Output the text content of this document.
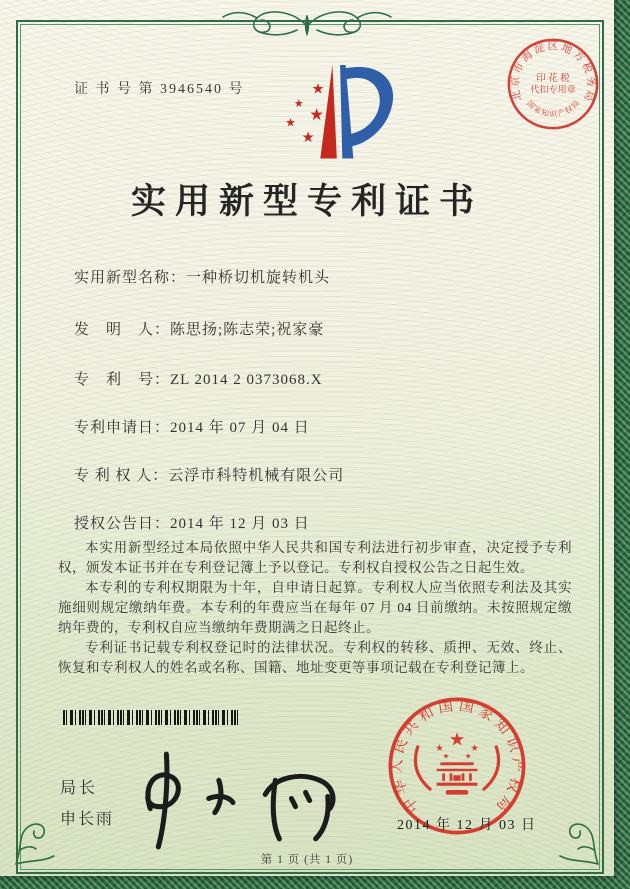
证 书 号 第 3946540 号	★
★
★
★
★
北京市海淀区地方税务局
国家知识产权局
印 花 税
代扣专用章
实用新型专利证书
实用新型名称：一种桥切机旋转机头
发　明　人：陈思扬;陈志荣;祝家豪
专　利　号：ZL 2014 2 0373068.X
专利申请日：2014 年 07 月 04 日
专 利 权 人：云浮市科特机械有限公司
授权公告日：2014 年 12 月 03 日

本实用新型经过本局依照中华人民共和国专利法进行初步审查，决定授予专利权，颁发本证书并在专利登记簿上予以登记。专利权自授权公告之日起生效。

本专利的专利权期限为十年，自申请日起算。专利权人应当依照专利法及其实施细则规定缴纳年费。本专利的年费应当在每年 07 月 04 日前缴纳。未按照规定缴纳年费的，专利权自应当缴纳年费期满之日起终止。

专利证书记载专利权登记时的法律状况。专利权的转移、质押、无效、终止、恢复和专利权人的姓名或名称、国籍、地址变更等事项记载在专利登记簿上。

局长
申长雨
中华人民共和国国家知识产权局
★
★	★
★ ★
2014 年 12 月 03 日
第 1 页 (共 1 页)
